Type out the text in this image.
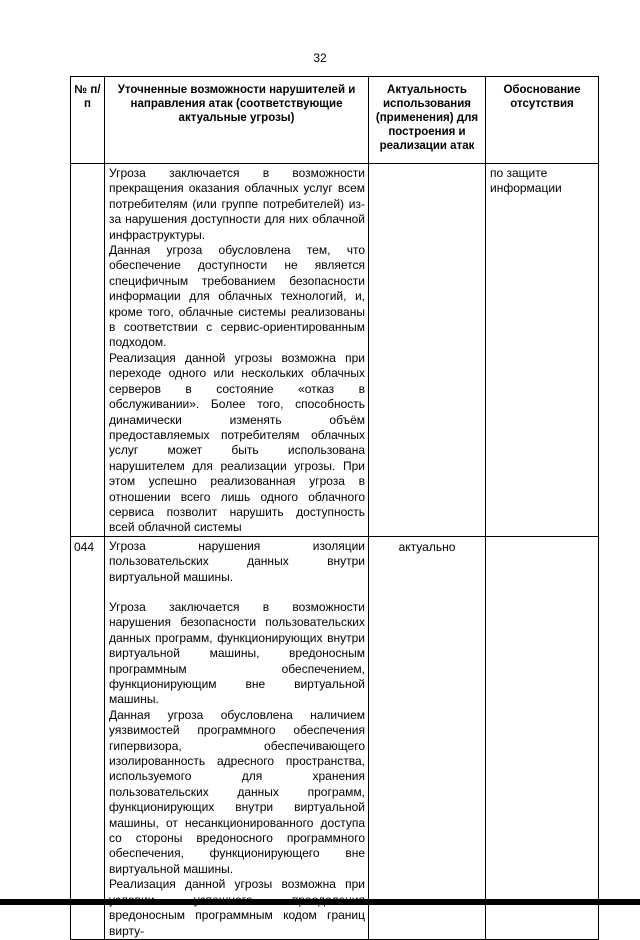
32
№ п/п	Уточненные возможности нарушителей и направления атак (соответствующие актуальные угрозы)	Актуальность использования (применения) для построения и реализации атак	Обоснование отсутствия

	Угроза заключается в возможности прекращения оказания облачных услуг всем потребителям (или группе потребителей) из-за нарушения доступности для них облачной инфраструктуры.

Данная угроза обусловлена тем, что обеспечение доступности не является специфичным требованием безопасности информации для облачных технологий, и, кроме того, облачные системы реализованы в соответствии с сервис-ориентированным подходом.

Реализация данной угрозы возможна при переходе одного или нескольких облачных серверов в состояние «отказ в обслуживании». Более того, способность динамически изменять объём предоставляемых потребителям облачных услуг может быть использована нарушителем для реализации угрозы. При этом успешно реализованная угроза в отношении всего лишь одного облачного сервиса позволит нарушить доступность всей облачной системы		по защите информации
044	Угроза нарушения изоляции пользовательских данных внутри виртуальной машины.

Угроза заключается в возможности нарушения безопасности пользовательских данных программ, функционирующих внутри виртуальной машины, вредоносным программным обеспечением, функционирующим вне виртуальной машины.

Данная угроза обусловлена наличием уязвимостей программного обеспечения гипервизора, обеспечивающего изолированность адресного пространства, используемого для хранения пользовательских данных программ, функционирующих внутри виртуальной машины, от несанкционированного доступа со стороны вредоносного программного обеспечения, функционирующего вне виртуальной машины.

Реализация данной угрозы возможна при вредоносным программным кодом границ вирту-	актуально	
